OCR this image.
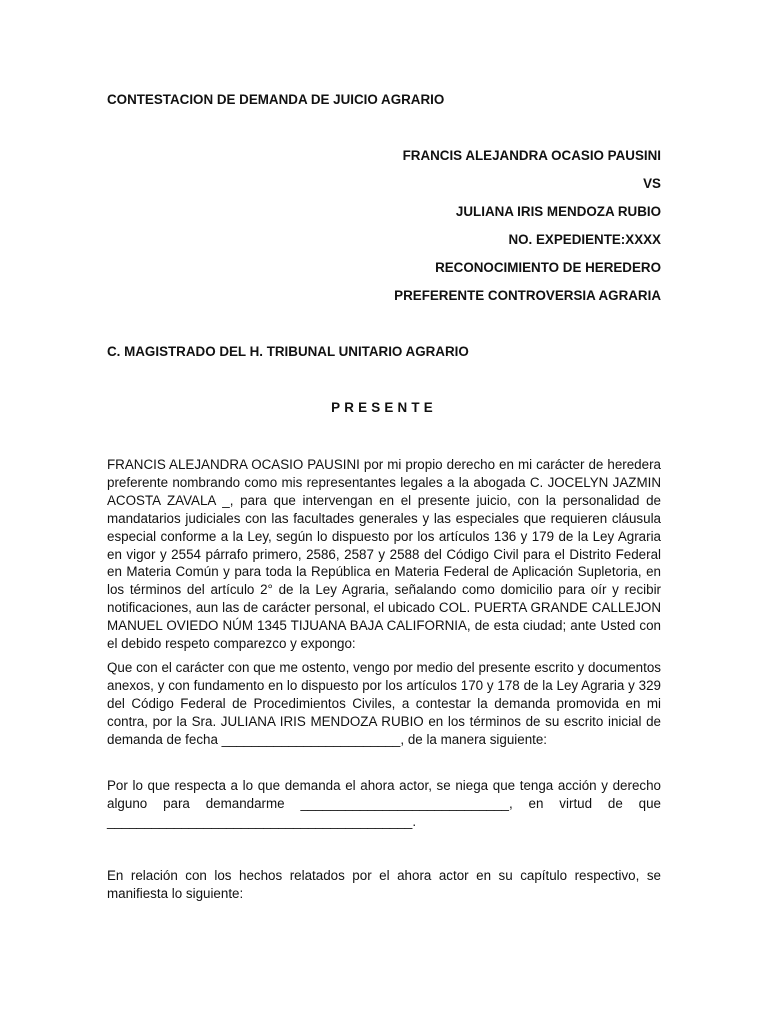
CONTESTACION DE DEMANDA DE JUICIO AGRARIO
FRANCIS ALEJANDRA OCASIO PAUSINI
VS
JULIANA IRIS MENDOZA RUBIO
NO. EXPEDIENTE:XXXX
RECONOCIMIENTO DE HEREDERO
PREFERENTE CONTROVERSIA AGRARIA
C. MAGISTRADO DEL H. TRIBUNAL UNITARIO AGRARIO
PRESENTE
FRANCIS ALEJANDRA OCASIO PAUSINI por mi propio derecho en mi carácter de heredera preferente nombrando como mis representantes legales a la abogada C. JOCELYN JAZMIN ACOSTA ZAVALA _, para que intervengan en el presente juicio, con la personalidad de mandatarios judiciales con las facultades generales y las especiales que requieren cláusula especial conforme a la Ley, según lo dispuesto por los artículos 136 y 179 de la Ley Agraria en vigor y 2554 párrafo primero, 2586, 2587 y 2588 del Código Civil para el Distrito Federal en Materia Común y para toda la República en Materia Federal de Aplicación Supletoria, en los términos del artículo 2° de la Ley Agraria, señalando como domicilio para oír y recibir notificaciones, aun las de carácter personal, el ubicado COL. PUERTA GRANDE CALLEJON MANUEL OVIEDO NÚM 1345 TIJUANA BAJA CALIFORNIA, de esta ciudad; ante Usted con el debido respeto comparezco y expongo:
Que con el carácter con que me ostento, vengo por medio del presente escrito y documentos anexos, y con fundamento en lo dispuesto por los artículos 170 y 178 de la Ley Agraria y 329 del Código Federal de Procedimientos Civiles, a contestar la demanda promovida en mi contra, por la Sra. JULIANA IRIS MENDOZA RUBIO en los términos de su escrito inicial de demanda de fecha ________________________, de la manera siguiente:
Por lo que respecta a lo que demanda el ahora actor, se niega que tenga acción y derecho alguno para demandarme ____________________________, en virtud de que _________________________________________.
En relación con los hechos relatados por el ahora actor en su capítulo respectivo, se manifiesta lo siguiente:
